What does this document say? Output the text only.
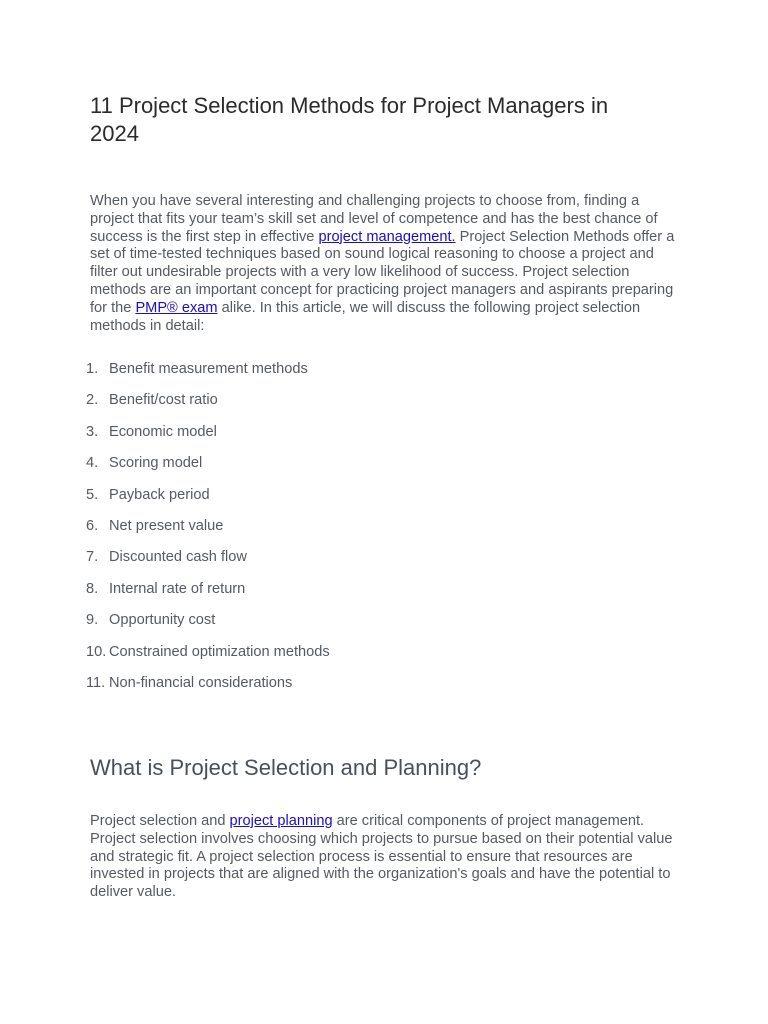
11 Project Selection Methods for Project Managers in 2024

When you have several interesting and challenging projects to choose from, finding a project that fits your team’s skill set and level of competence and has the best chance of success is the first step in effective project management. Project Selection Methods offer a set of time-tested techniques based on sound logical reasoning to choose a project and filter out undesirable projects with a very low likelihood of success. Project selection methods are an important concept for practicing project managers and aspirants preparing for the PMP® exam alike. In this article, we will discuss the following project selection methods in detail:

1. Benefit measurement methods
2. Benefit/cost ratio
3. Economic model
4. Scoring model
5. Payback period
6. Net present value
7. Discounted cash flow
8. Internal rate of return
9. Opportunity cost
10. Constrained optimization methods
11. Non-financial considerations
What is Project Selection and Planning?

Project selection and project planning are critical components of project management. Project selection involves choosing which projects to pursue based on their potential value and strategic fit. A project selection process is essential to ensure that resources are invested in projects that are aligned with the organization's goals and have the potential to deliver value.
